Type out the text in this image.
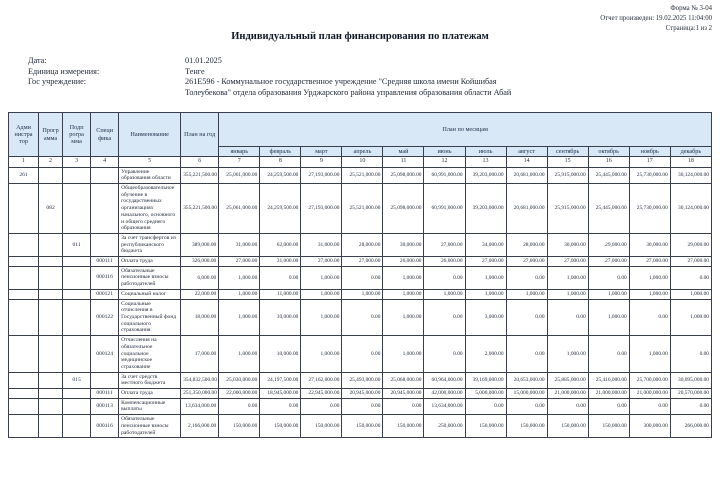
Форма № 3-04
Отчет произведен: 19.02.2025 11:04:00
Страница:1 из 2
Индивидуальный план финансирования по платежам
Дата:	01.01.2025
Единица измерения:	Тенге
Гос учреждение:	261E596 - Коммунальное государственное учреждение "Средняя школа имени Койшибая Толеубекова" отдела образования Урджарского района управления образования области Абай
Адми нистра тор	Прогр амма	Подп рогра мма	Специ фика	Наименование	План на год	План по месяцам											
						январь	февраль	март	апрель	май	июнь	июль	август	сентябрь	октябрь	ноябрь	декабрь
1	2	3	4	5	6	7	8	9	10	11	12	13	14	15	16	17	18
261				Управление образования области	355,221,500.00	25,061,000.00	24,259,500.00	27,193,000.00	25,521,000.00	25,098,000.00	60,991,000.00	39,203,000.00	20,681,000.00	25,915,000.00	25,445,000.00	25,730,000.00	30,124,000.00
	082			Общеобразовательное обучение в государственных организациях начального, основного и общего среднего образования	355,221,500.00	25,061,000.00	24,259,500.00	27,193,000.00	25,521,000.00	25,098,000.00	60,991,000.00	39,203,000.00	20,681,000.00	25,915,000.00	25,445,000.00	25,730,000.00	30,124,000.00
		011		За счет трансфертов из республиканского бюджета	389,000.00	31,000.00	62,000.00	31,000.00	28,000.00	30,000.00	27,000.00	34,000.00	28,000.00	30,000.00	29,000.00	30,000.00	29,000.00
			000111	Оплата труда	326,000.00	27,000.00	31,000.00	27,000.00	27,000.00	26,000.00	26,000.00	27,000.00	27,000.00	27,000.00	27,000.00	27,000.00	27,000.00
			000116	Обязательные пенсионные взносы работодателей	6,000.00	1,000.00	0.00	1,000.00	0.00	1,000.00	0.00	1,000.00	0.00	1,000.00	0.00	1,000.00	0.00
			000121	Социальный налог	22,000.00	1,000.00	11,000.00	1,000.00	1,000.00	1,000.00	1,000.00	1,000.00	1,000.00	1,000.00	1,000.00	1,000.00	1,000.00
			000122	Социальные отчисления в Государственный фонд социального страхования	18,000.00	1,000.00	10,000.00	1,000.00	0.00	1,000.00	0.00	3,000.00	0.00	0.00	1,000.00	0.00	1,000.00
			000124	Отчисления на обязательное социальное медицинское страхование	17,000.00	1,000.00	10,000.00	1,000.00	0.00	1,000.00	0.00	2,000.00	0.00	1,000.00	0.00	1,000.00	0.00
		015		За счет средств местного бюджета	354,832,500.00	25,030,000.00	24,197,500.00	27,162,000.00	25,493,000.00	25,068,000.00	60,964,000.00	39,169,000.00	20,653,000.00	25,885,000.00	25,416,000.00	25,700,000.00	30,095,000.00
			000111	Оплата труда	251,350,000.00	22,000,000.00	18,945,000.00	22,945,000.00	20,945,000.00	20,945,000.00	42,000,000.00	5,000,000.00	15,000,000.00	21,000,000.00	21,000,000.00	21,000,000.00	20,570,000.00
			000113	Компенсационные выплаты	13,634,000.00	0.00	0.00	0.00	0.00	0.00	13,634,000.00	0.00	0.00	0.00	0.00	0.00	0.00
			000116	Обязательные пенсионные взносы работодателей	2,166,000.00	150,000.00	150,000.00	150,000.00	150,000.00	150,000.00	250,000.00	150,000.00	150,000.00	150,000.00	150,000.00	300,000.00	266,000.00
